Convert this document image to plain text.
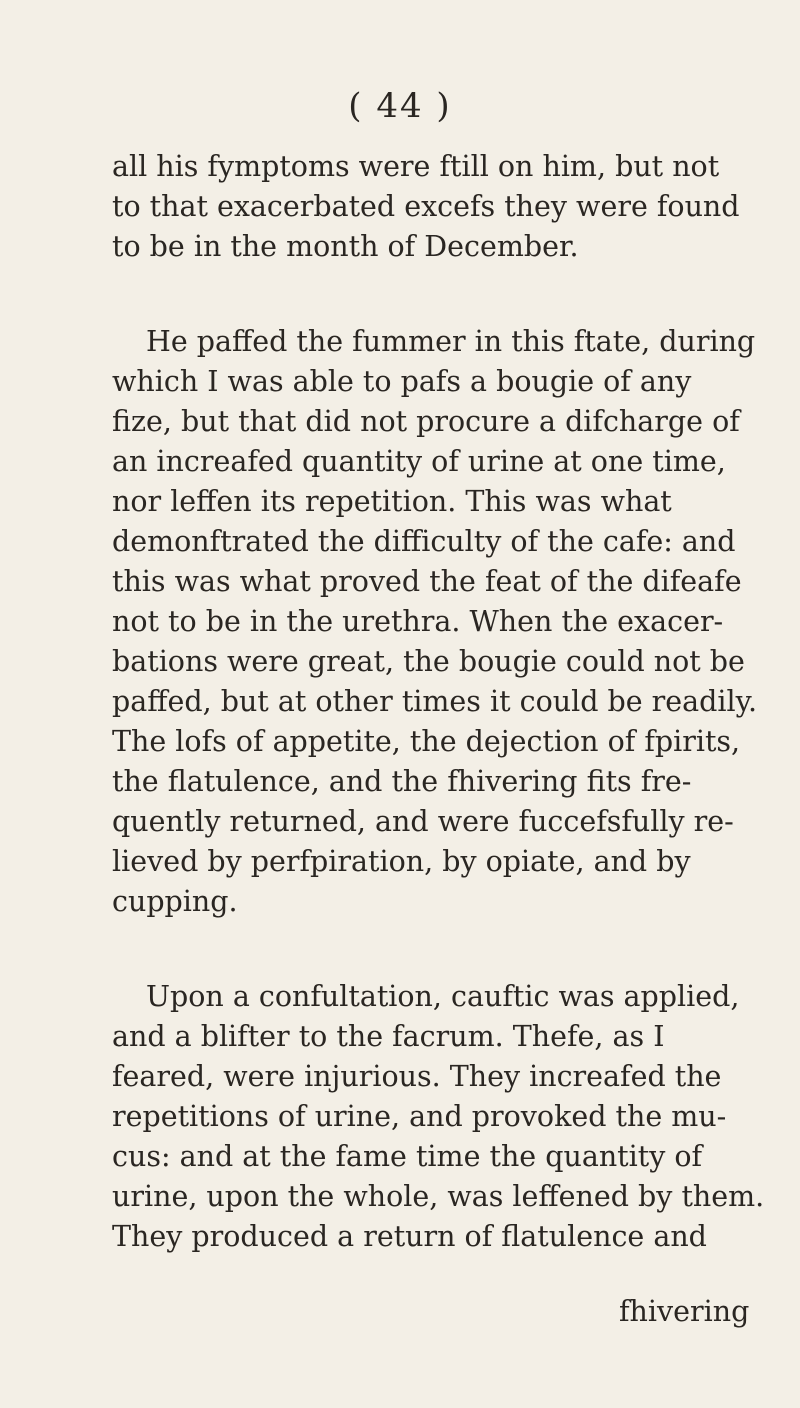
( 44 )
all his fymptoms were ftill on him, but not
to that exacerbated excefs they were found
to be in the month of December.
He paffed the fummer in this ftate, during
which I was able to pafs a bougie of any
fize, but that did not procure a difcharge of
an increafed quantity of urine at one time,
nor leffen its repetition. This was what
demonftrated the difficulty of the cafe: and
this was what proved the feat of the difeafe
not to be in the urethra. When the exacer-
bations were great, the bougie could not be
paffed, but at other times it could be readily.
The lofs of appetite, the dejection of fpirits,
the flatulence, and the fhivering fits fre-
quently returned, and were fuccefsfully re-
lieved by perfpiration, by opiate, and by
cupping.
Upon a confultation, cauftic was applied,
and a blifter to the facrum. Thefe, as I
feared, were injurious. They increafed the
repetitions of urine, and provoked the mu-
cus: and at the fame time the quantity of
urine, upon the whole, was leffened by them.
They produced a return of flatulence and
fhivering
